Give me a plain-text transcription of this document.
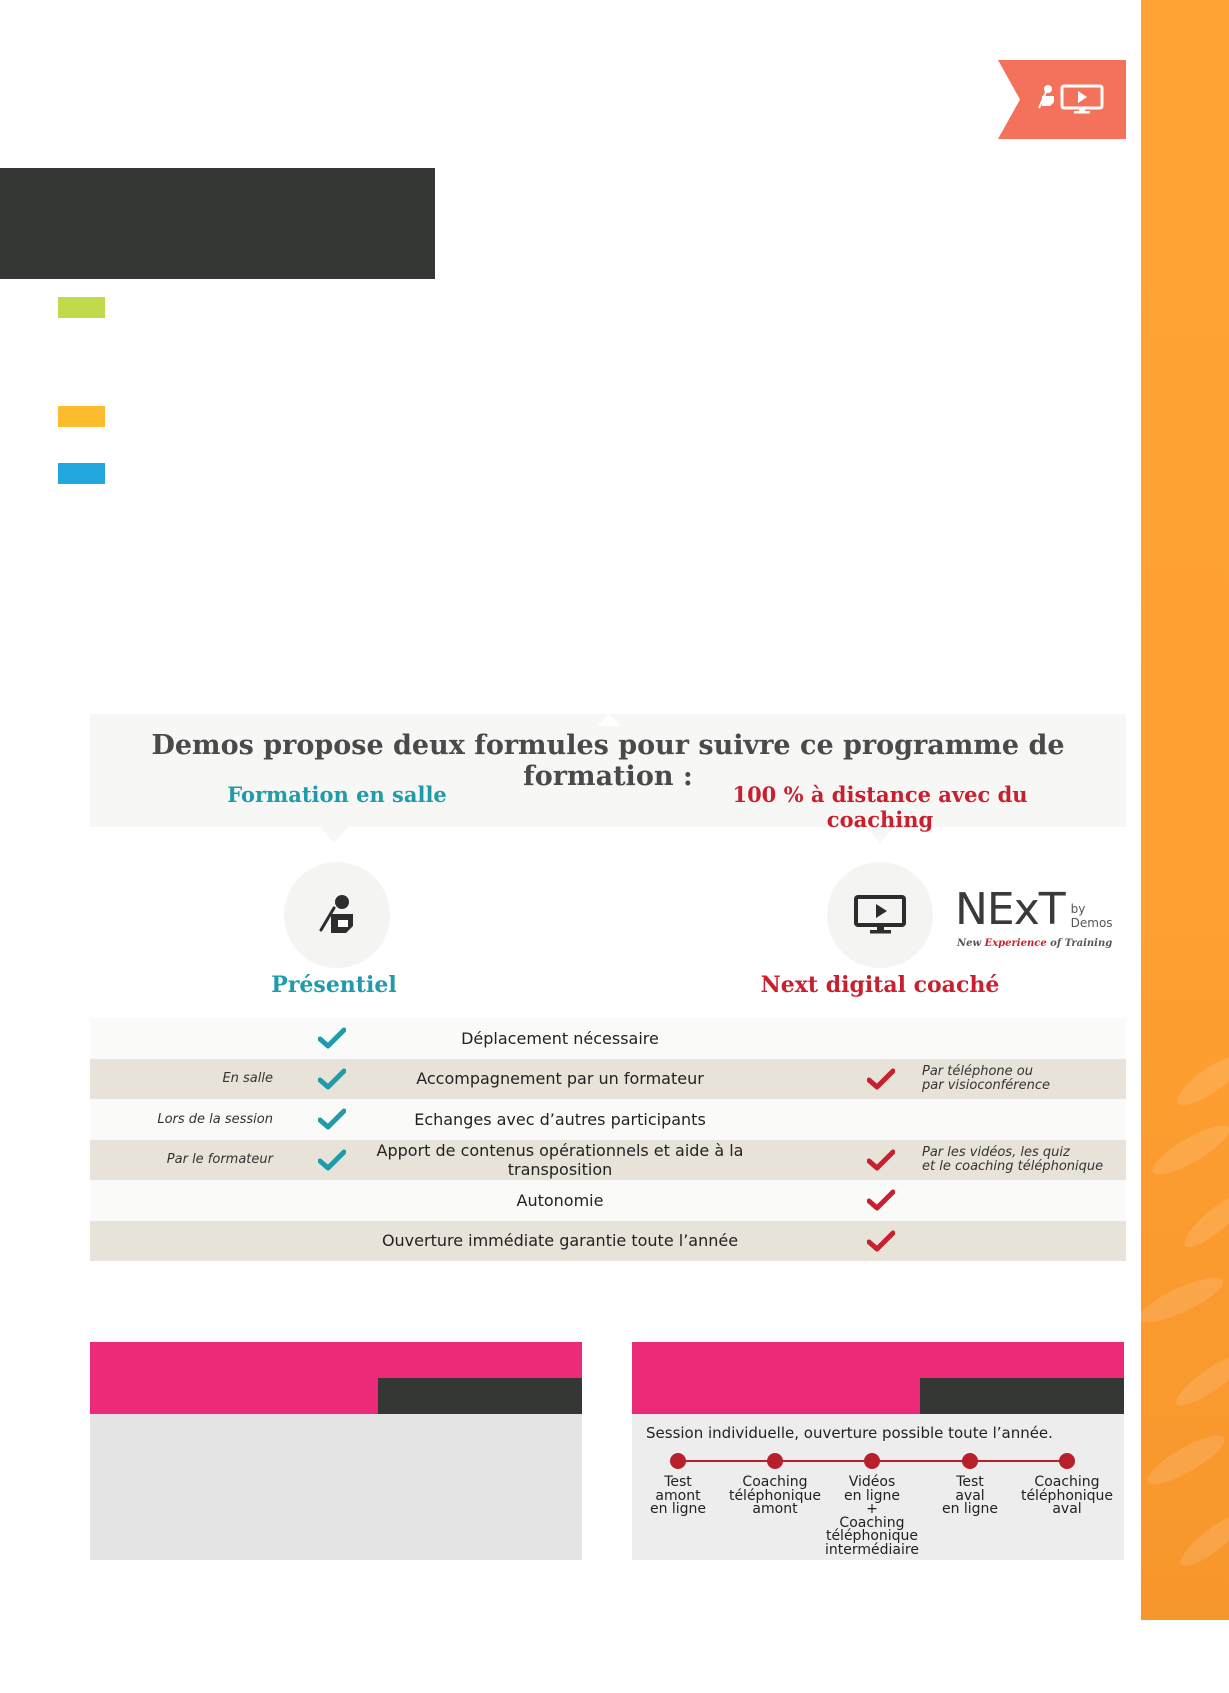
Demos propose deux formules pour suivre ce programme de formation :
Formation en salle	100 % à distance avec du coaching
NExT by Demos
New Experience of Training
Présentiel	Next digital coaché
Déplacement nécessaire
En salle	Accompagnement par un formateur	Par téléphone ou
par visioconférence
Lors de la session	Echanges avec d’autres participants
Par le formateur	Apport de contenus opérationnels et aide à la transposition
Par les vidéos, les quiz
et le coaching téléphonique
Autonomie
Ouverture immédiate garantie toute l’année
Session individuelle, ouverture possible toute l’année.
Test
amont
en ligne
Coaching
téléphonique
amont
Vidéos
en ligne
+
Coaching
téléphonique
intermédiaire
Test
aval
en ligne
Coaching
téléphonique
aval
